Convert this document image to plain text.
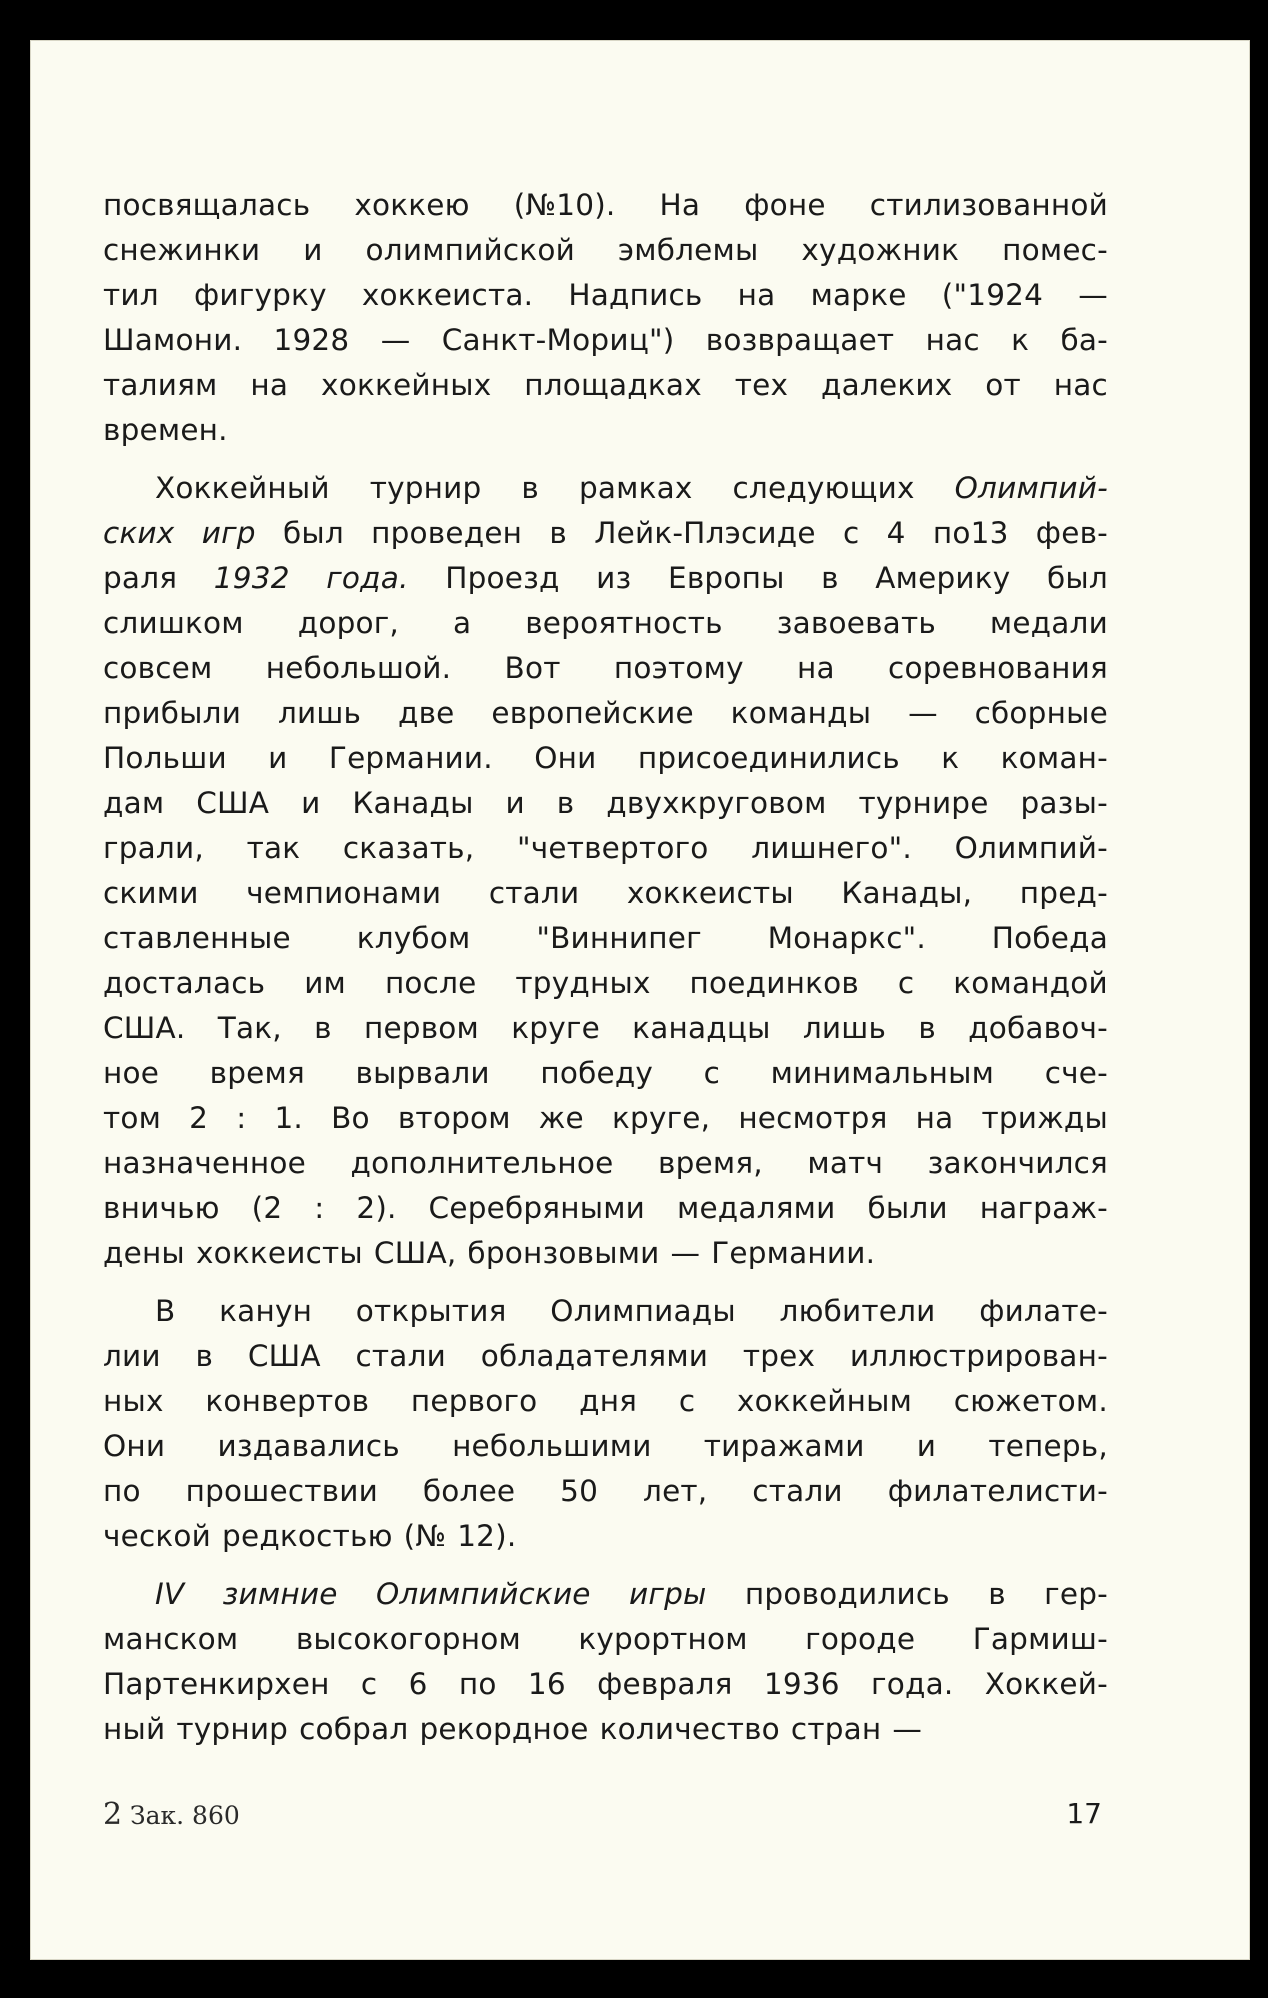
посвящалась хоккею (№10). На фоне стилизованной
снежинки и олимпийской эмблемы художник помес-
тил фигурку хоккеиста. Надпись на марке ("1924 —
Шамони. 1928 — Санкт-Мориц") возвращает нас к ба-
талиям на хоккейных площадках тех далеких от нас
времен.
Хоккейный турнир в рамках следующих Олимпий-
ских игр был проведен в Лейк-Плэсиде с 4 по13 фев-
раля 1932 года. Проезд из Европы в Америку был
слишком дорог, а вероятность завоевать медали
совсем небольшой. Вот поэтому на соревнования
прибыли лишь две европейские команды — сборные
Польши и Германии. Они присоединились к коман-
дам США и Канады и в двухкруговом турнире разы-
грали, так сказать, "четвертого лишнего". Олимпий-
скими чемпионами стали хоккеисты Канады, пред-
ставленные клубом "Виннипег Монаркс". Победа
досталась им после трудных поединков с командой
США. Так, в первом круге канадцы лишь в добавоч-
ное время вырвали победу с минимальным сче-
том 2 : 1. Во втором же круге, несмотря на трижды
назначенное дополнительное время, матч закончился
вничью (2 : 2). Серебряными медалями были награж-
дены хоккеисты США, бронзовыми — Германии.
В канун открытия Олимпиады любители филате-
лии в США стали обладателями трех иллюстрирован-
ных конвертов первого дня с хоккейным сюжетом.
Они издавались небольшими тиражами и теперь,
по прошествии более 50 лет, стали филателисти-
ческой редкостью (№ 12).
IV зимние Олимпийские игры проводились в гер-
манском высокогорном курортном городе Гармиш-
Партенкирхен с 6 по 16 февраля 1936 года. Хоккей-
ный турнир собрал рекордное количество стран —
2 Зак. 860	17
